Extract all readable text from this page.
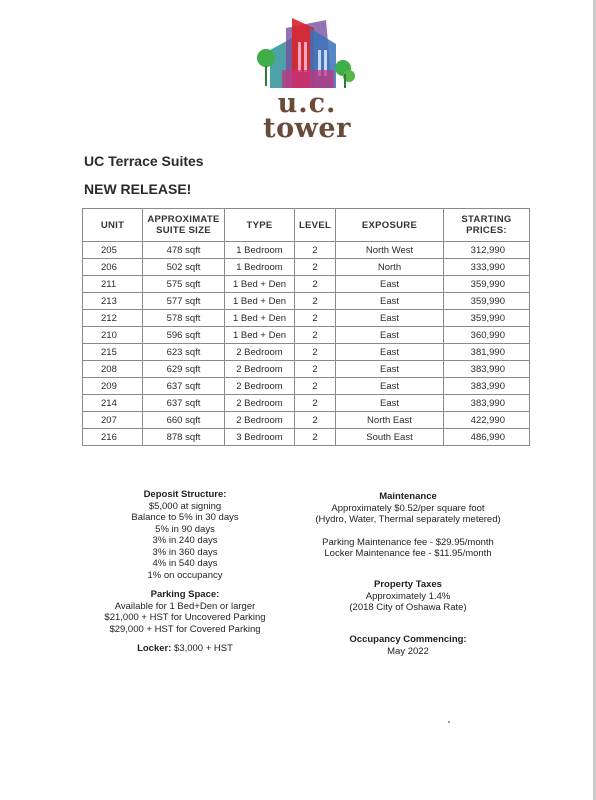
u.c.
tower
UC Terrace Suites
NEW RELEASE!
UNIT	APPROXIMATE SUITE SIZE	TYPE	LEVEL	EXPOSURE	STARTING PRICES:
205	478 sqft	1 Bedroom	2	North West	312,990
206	502 sqft	1 Bedroom	2	North	333,990
211	575 sqft	1 Bed + Den	2	East	359,990
213	577 sqft	1 Bed + Den	2	East	359,990
212	578 sqft	1 Bed + Den	2	East	359,990
210	596 sqft	1 Bed + Den	2	East	360,990
215	623 sqft	2 Bedroom	2	East	381,990
208	629 sqft	2 Bedroom	2	East	383,990
209	637 sqft	2 Bedroom	2	East	383,990
214	637 sqft	2 Bedroom	2	East	383,990
207	660 sqft	2 Bedroom	2	North East	422,990
216	878 sqft	3 Bedroom	2	South East	486,990
Deposit Structure:
$5,000 at signing
Balance to 5% in 30 days
5% in 90 days
3% in 240 days
3% in 360 days
4% in 540 days
1% on occupancy
Parking Space:
Available for 1 Bed+Den or larger
$21,000 + HST for Uncovered Parking
$29,000 + HST for Covered Parking
Locker: $3,000 + HST
Maintenance
Approximately $0.52/per square foot
(Hydro, Water, Thermal separately metered)
Parking Maintenance fee - $29.95/month
Locker Maintenance fee - $11.95/month
Property Taxes
Approximately 1.4%
(2018 City of Oshawa Rate)
Occupancy Commencing:
May 2022
